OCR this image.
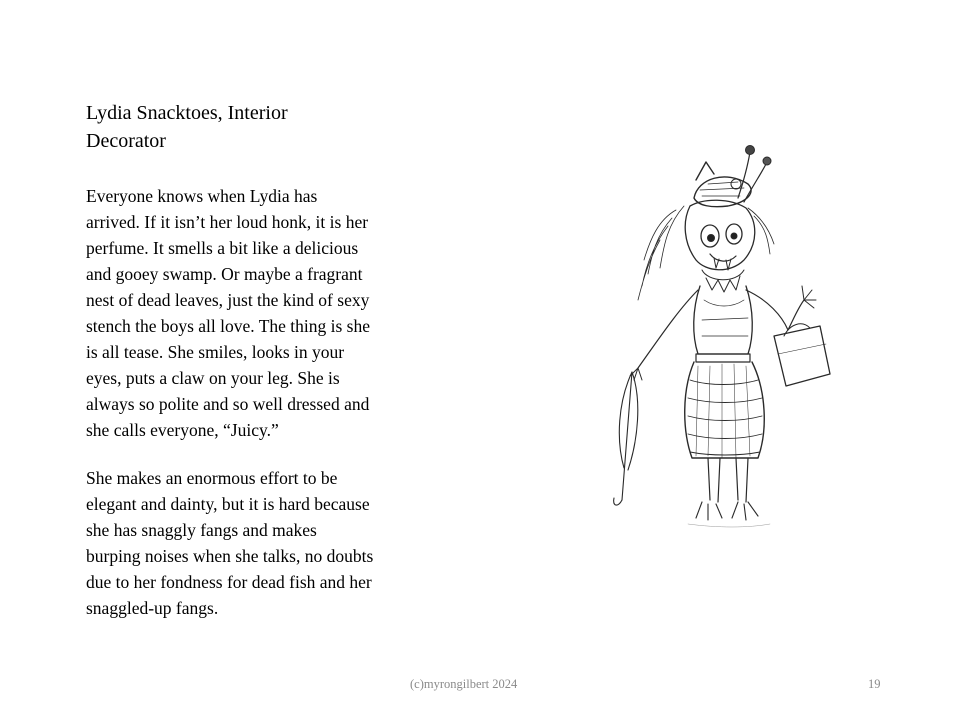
Lydia Snacktoes, Interior
Decorator

Everyone knows when Lydia has
arrived. If it isn’t her loud honk, it is her
perfume. It smells a bit like a delicious
and gooey swamp. Or maybe a fragrant
nest of dead leaves, just the kind of sexy
stench the boys all love. The thing is she
is all tease. She smiles, looks in your
eyes, puts a claw on your leg. She is
always so polite and so well dressed and
she calls everyone, “Juicy.”

She makes an enormous effort to be
elegant and dainty, but it is hard because
she has snaggly fangs and makes
burping noises when she talks, no doubts
due to her fondness for dead fish and her
snaggled-up fangs.

(c)myrongilbert 2024	19
